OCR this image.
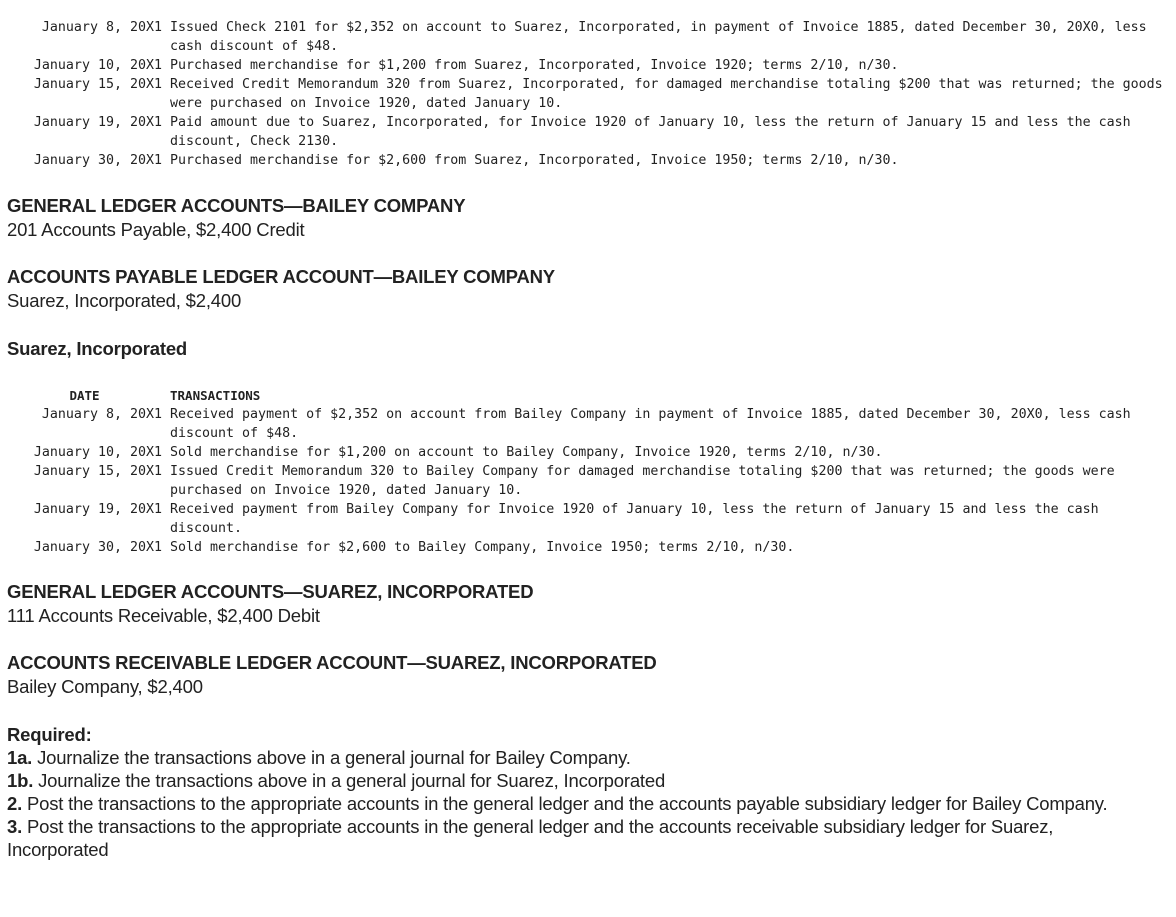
January 8, 20X1	Issued Check 2101 for $2,352 on account to Suarez, Incorporated, in payment of Invoice 1885, dated December 30, 20X0, less cash discount of $48.
January 10, 20X1	Purchased merchandise for $1,200 from Suarez, Incorporated, Invoice 1920; terms 2/10, n/30.
January 15, 20X1	Received Credit Memorandum 320 from Suarez, Incorporated, for damaged merchandise totaling $200 that was returned; the goods were purchased on Invoice 1920, dated January 10.
January 19, 20X1	Paid amount due to Suarez, Incorporated, for Invoice 1920 of January 10, less the return of January 15 and less the cash discount, Check 2130.
January 30, 20X1	Purchased merchandise for $2,600 from Suarez, Incorporated, Invoice 1950; terms 2/10, n/30.
GENERAL LEDGER ACCOUNTS—BAILEY COMPANY
201 Accounts Payable, $2,400 Credit
ACCOUNTS PAYABLE LEDGER ACCOUNT—BAILEY COMPANY
Suarez, Incorporated, $2,400
Suarez, Incorporated
DATE	TRANSACTIONS
January 8, 20X1	Received payment of $2,352 on account from Bailey Company in payment of Invoice 1885, dated December 30, 20X0, less cash discount of $48.
January 10, 20X1	Sold merchandise for $1,200 on account to Bailey Company, Invoice 1920, terms 2/10, n/30.
January 15, 20X1	Issued Credit Memorandum 320 to Bailey Company for damaged merchandise totaling $200 that was returned; the goods were purchased on Invoice 1920, dated January 10.
January 19, 20X1	Received payment from Bailey Company for Invoice 1920 of January 10, less the return of January 15 and less the cash discount.
January 30, 20X1	Sold merchandise for $2,600 to Bailey Company, Invoice 1950; terms 2/10, n/30.
GENERAL LEDGER ACCOUNTS—SUAREZ, INCORPORATED
111 Accounts Receivable, $2,400 Debit
ACCOUNTS RECEIVABLE LEDGER ACCOUNT—SUAREZ, INCORPORATED
Bailey Company, $2,400
Required:
1a. Journalize the transactions above in a general journal for Bailey Company.
1b. Journalize the transactions above in a general journal for Suarez, Incorporated
2. Post the transactions to the appropriate accounts in the general ledger and the accounts payable subsidiary ledger for Bailey Company.
3. Post the transactions to the appropriate accounts in the general ledger and the accounts receivable subsidiary ledger for Suarez, Incorporated
